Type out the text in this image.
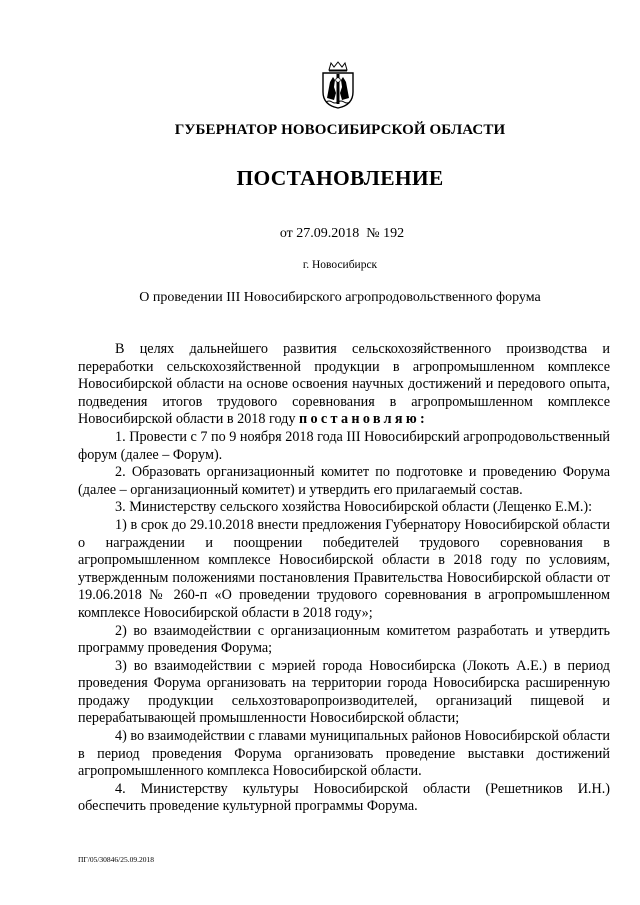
ГУБЕРНАТОР НОВОСИБИРСКОЙ ОБЛАСТИ
ПОСТАНОВЛЕНИЕ
от 27.09.2018 № 192
г. Новосибирск
О проведении III Новосибирского агропродовольственного форума

В целях дальнейшего развития сельскохозяйственного производства и переработки сельскохозяйственной продукции в агропромышленном комплексе Новосибирской области на основе освоения научных достижений и передового опыта, подведения итогов трудового соревнования в агропромышленном комплексе Новосибирской области в 2018 году постановляю:

1. Провести с 7 по 9 ноября 2018 года III Новосибирский агропродовольственный форум (далее – Форум).

2. Образовать организационный комитет по подготовке и проведению Форума (далее – организационный комитет) и утвердить его прилагаемый состав.

3. Министерству сельского хозяйства Новосибирской области (Лещенко Е.М.):

1) в срок до 29.10.2018 внести предложения Губернатору Новосибирской области о награждении и поощрении победителей трудового соревнования в агропромышленном комплексе Новосибирской области в 2018 году по условиям, утвержденным положениями постановления Правительства Новосибирской области от 19.06.2018 № 260-п «О проведении трудового соревнования в агропромышленном комплексе Новосибирской области в 2018 году»;

2) во взаимодействии с организационным комитетом разработать и утвердить программу проведения Форума;

3) во взаимодействии с мэрией города Новосибирска (Локоть А.Е.) в период проведения Форума организовать на территории города Новосибирска расширенную продажу продукции сельхозтоваропроизводителей, организаций пищевой и перерабатывающей промышленности Новосибирской области;

4) во взаимодействии с главами муниципальных районов Новосибирской области в период проведения Форума организовать проведение выставки достижений агропромышленного комплекса Новосибирской области.

4. Министерству культуры Новосибирской области (Решетников И.Н.) обеспечить проведение культурной программы Форума.

ПГ/05/30846/25.09.2018
